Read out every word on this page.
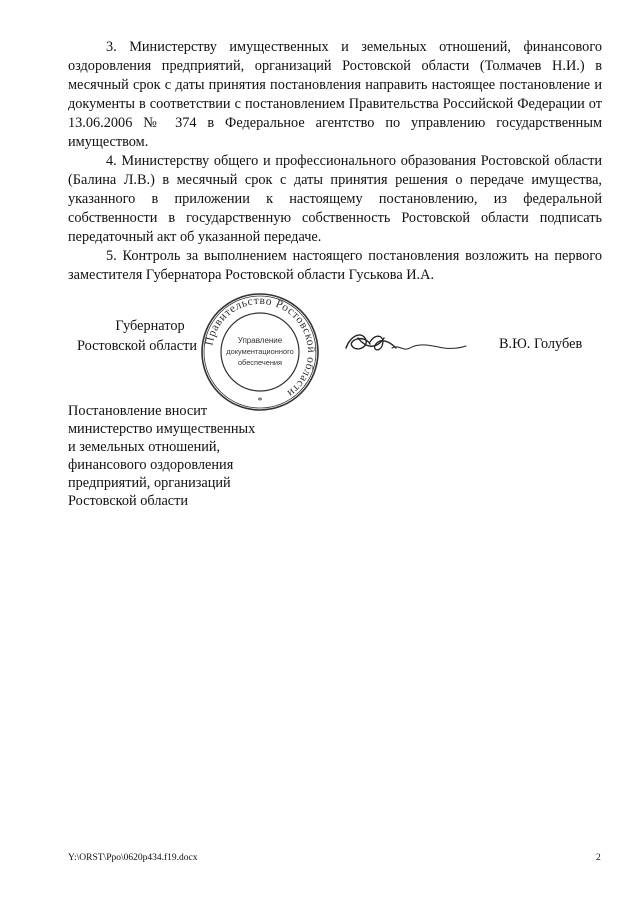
3. Министерству имущественных и земельных отношений, финансового оздоровления предприятий, организаций Ростовской области (Толмачев Н.И.) в месячный срок с даты принятия постановления направить настоящее постановление и документы в соответствии с постановлением Правительства Российской Федерации от 13.06.2006 № 374 в Федеральное агентство по управлению государственным имуществом.

4. Министерству общего и профессионального образования Ростовской области (Балина Л.В.) в месячный срок с даты принятия решения о передаче имущества, указанного в приложении к настоящему постановлению, из федеральной собственности в государственную собственность Ростовской области подписать передаточный акт об указанной передаче.

5. Контроль за выполнением настоящего постановления возложить на первого заместителя Губернатора Ростовской области Гуськова И.А.

Губернатор
Ростовской области Правительство Ростовской области
Управление
документационного
обеспечения
*
В.Ю. Голубев
Постановление вносит
министерство имущественных
и земельных отношений,
финансового оздоровления
предприятий, организаций
Ростовской области
Y:\ORST\Ppo\0620p434.f19.docx	2
